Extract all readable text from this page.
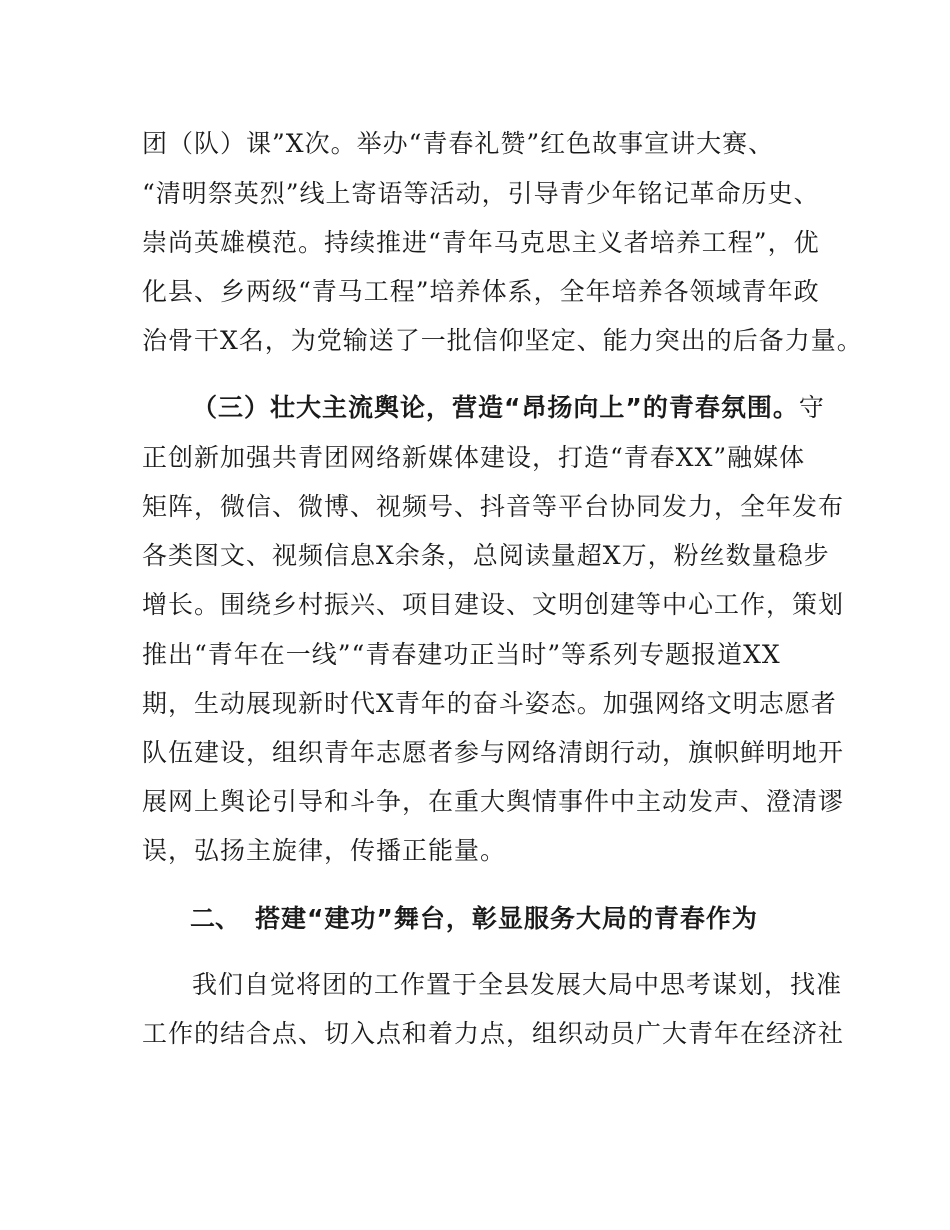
团（队）课”X次。举办“青春礼赞”红色故事宣讲大赛、
“清明祭英烈”线上寄语等活动，引导青少年铭记革命历史、
崇尚英雄模范。持续推进“青年马克思主义者培养工程”，优
化县、乡两级“青马工程”培养体系，全年培养各领域青年政
治骨干X名，为党输送了一批信仰坚定、能力突出的后备力量。
（三）壮大主流舆论，营造“昂扬向上”的青春氛围。守
正创新加强共青团网络新媒体建设，打造“青春XX”融媒体
矩阵，微信、微博、视频号、抖音等平台协同发力，全年发布
各类图文、视频信息X余条，总阅读量超X万，粉丝数量稳步
增长。围绕乡村振兴、项目建设、文明创建等中心工作，策划
推出“青年在一线”“青春建功正当时”等系列专题报道XX
期，生动展现新时代X青年的奋斗姿态。加强网络文明志愿者
队伍建设，组织青年志愿者参与网络清朗行动，旗帜鲜明地开
展网上舆论引导和斗争，在重大舆情事件中主动发声、澄清谬
误，弘扬主旋律，传播正能量。
二、 搭建“建功”舞台，彰显服务大局的青春作为
我们自觉将团的工作置于全县发展大局中思考谋划，找准
工作的结合点、切入点和着力点，组织动员广大青年在经济社
